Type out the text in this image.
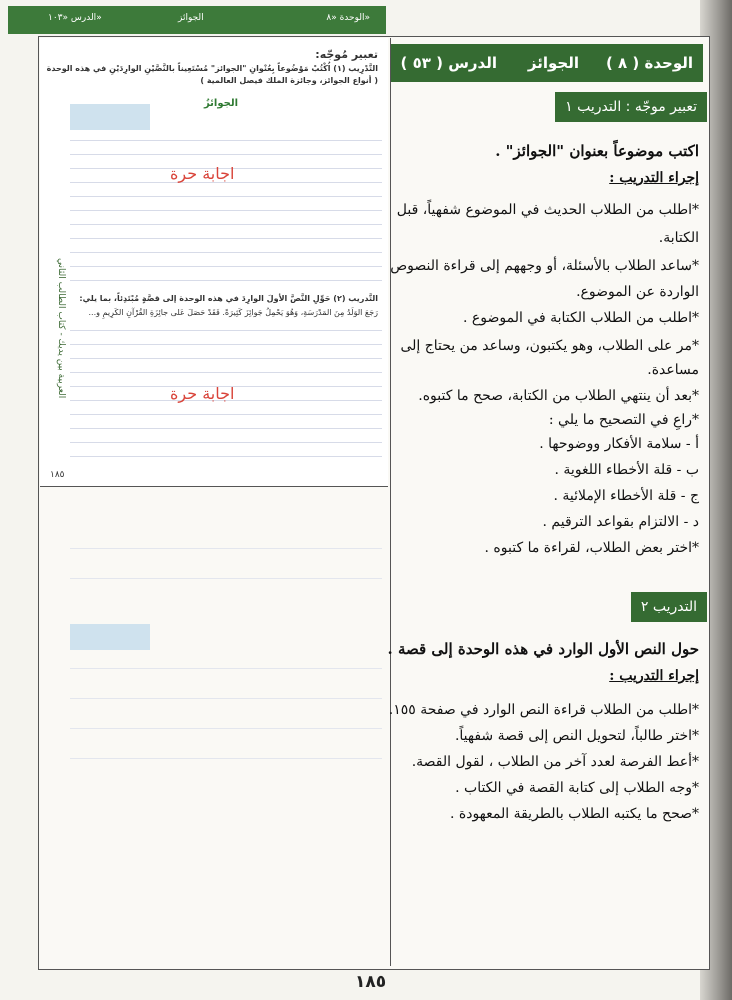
الوحدة «٨»
الجوائز
الدرس «١٠٣»
العربية بين يديك - كتاب الطالب الثاني
تعبير مُوجّه:
التَّدْرِيب (١) اُكْتُبْ مَوْضُوعاً بِعُنْوانِ "الجوائز" مُسْتَعِيناً بالنَّصَّيْنِ الوارِدَيْنِ في هذه الوحدة
( أنواع الجوائز، وجائزة الملك فيصل العالمية )
الجوائزُ
اجابة حرة
التَّدريب (٢) حَوِّلِ النَّصَّ الأولَ الوارِدَ في هذه الوحدة إلى قصَّةٍ مُبْتَدِئاً، بما يلي:
رَجَعَ الوَلَدُ مِنَ المَدْرَسَةِ، وَهُوَ يَحْمِلُ جَوائِزَ كَثِيرَةً. فَقَدْ حَصَلَ عَلى جائِزَةِ القُرْآنِ الكَرِيمِ و...
اجابة حرة
١٨٥
الوحدة ( ٨ )
الجوائز
الدرس ( ٥٣ )
تعبير موجّه : التدريب ١
اكتب موضوعاً بعنوان "الجوائز" .
إجراء التدريب :
*اطلب من الطلاب الحديث في الموضوع شفهياً، قبل
الكتابة.
*ساعد الطلاب بالأسئلة، أو وجههم إلى قراءة النصوص
الواردة عن الموضوع.
*اطلب من الطلاب الكتابة في الموضوع .
*مر على الطلاب، وهو يكتبون، وساعد من يحتاج إلى
مساعدة.
*بعد أن ينتهي الطلاب من الكتابة، صحح ما كتبوه.
*راعِ في التصحيح ما يلي :
أ - سلامة الأفكار ووضوحها .
ب - قلة الأخطاء اللغوية .
ج - قلة الأخطاء الإملائية .
د - الالتزام بقواعد الترقيم .
*اختر بعض الطلاب، لقراءة ما كتبوه .
التدريب ٢
حول النص الأول الوارد في هذه الوحدة إلى قصة .
إجراء التدريب :
*اطلب من الطلاب قراءة النص الوارد في صفحة ١٥٥.
*اختر طالباً، لتحويل النص إلى قصة شفهياً.
*أعط الفرصة لعدد آخر من الطلاب ، لقول القصة.
*وجه الطلاب إلى كتابة القصة في الكتاب .
*صحح ما يكتبه الطلاب بالطريقة المعهودة .
١٨٥
